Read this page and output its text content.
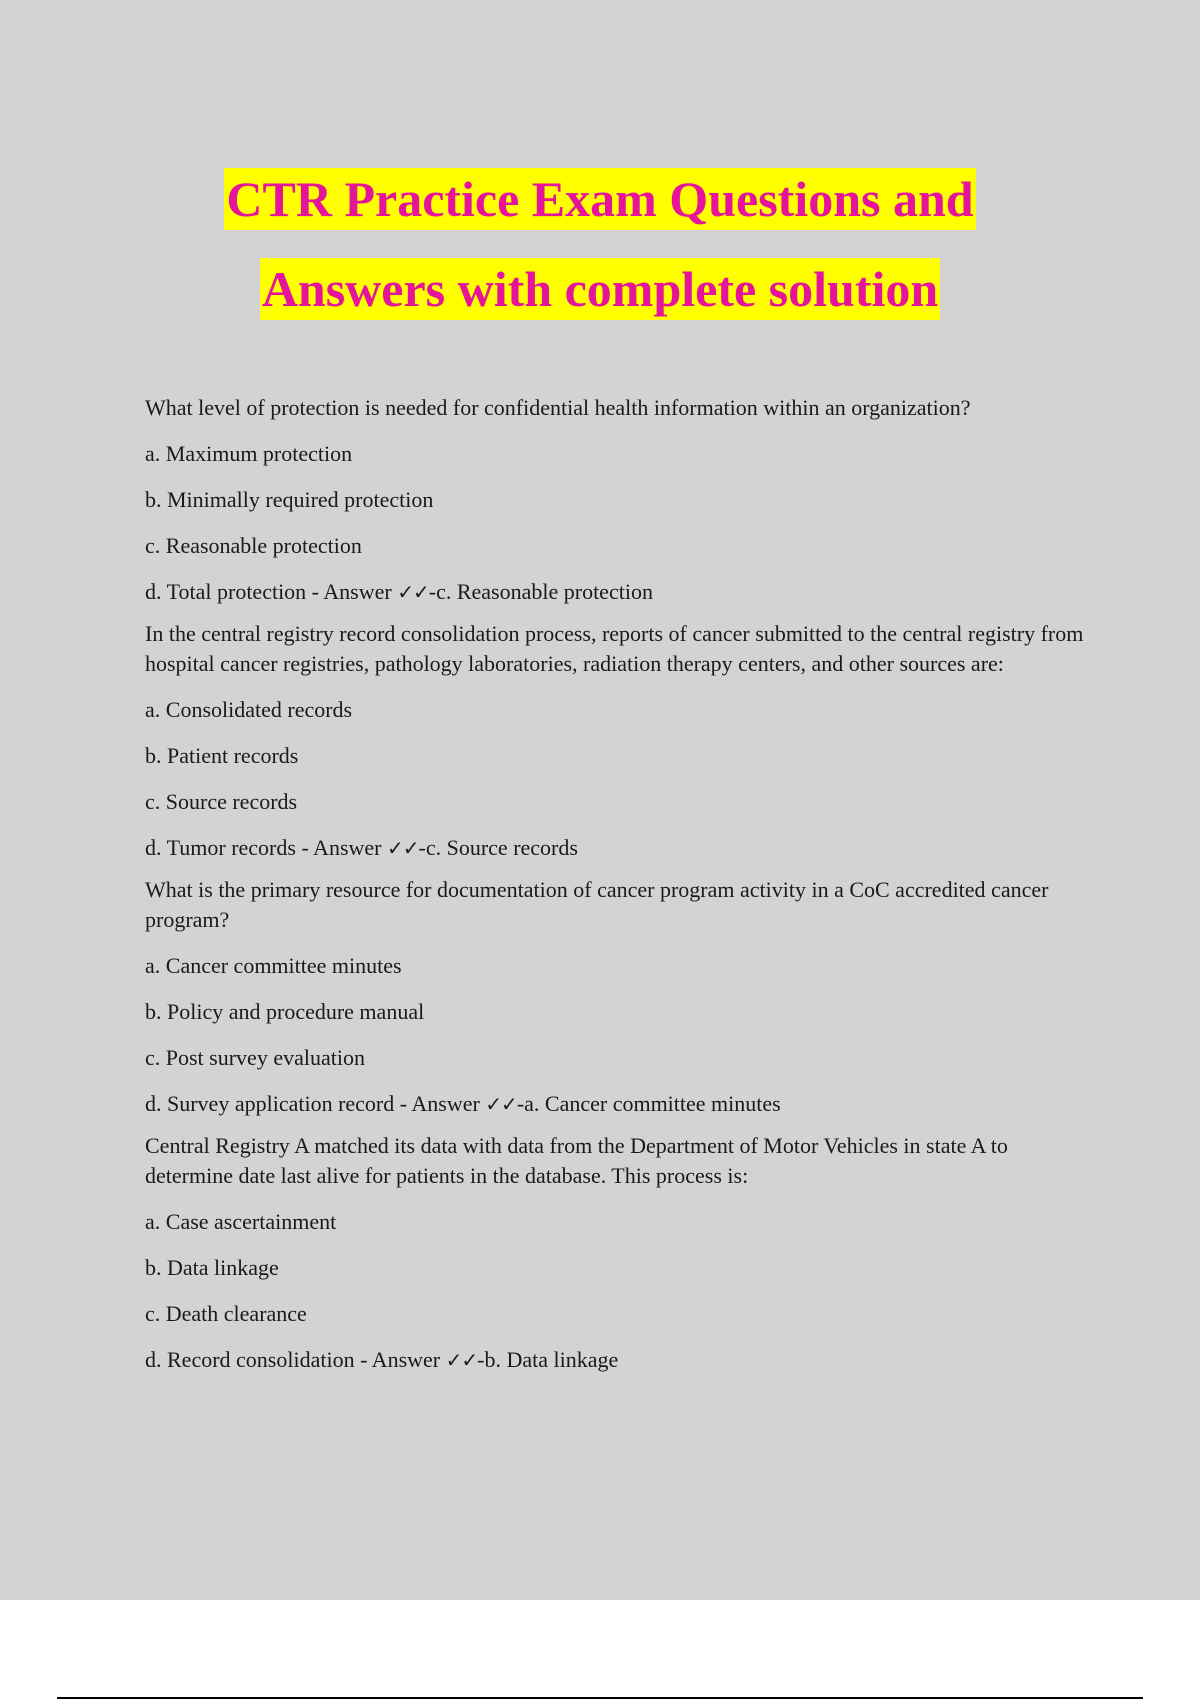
CTR Practice Exam Questions and
Answers with complete solution

What level of protection is needed for confidential health information within an organization?

a. Maximum protection

b. Minimally required protection

c. Reasonable protection

d. Total protection - Answer ✓✓-c. Reasonable protection

In the central registry record consolidation process, reports of cancer submitted to the central registry from hospital cancer registries, pathology laboratories, radiation therapy centers, and other sources are:

a. Consolidated records

b. Patient records

c. Source records

d. Tumor records - Answer ✓✓-c. Source records

What is the primary resource for documentation of cancer program activity in a CoC accredited cancer program?

a. Cancer committee minutes

b. Policy and procedure manual

c. Post survey evaluation

d. Survey application record - Answer ✓✓-a. Cancer committee minutes

Central Registry A matched its data with data from the Department of Motor Vehicles in state A to determine date last alive for patients in the database. This process is:

a. Case ascertainment

b. Data linkage

c. Death clearance

d. Record consolidation - Answer ✓✓-b. Data linkage
